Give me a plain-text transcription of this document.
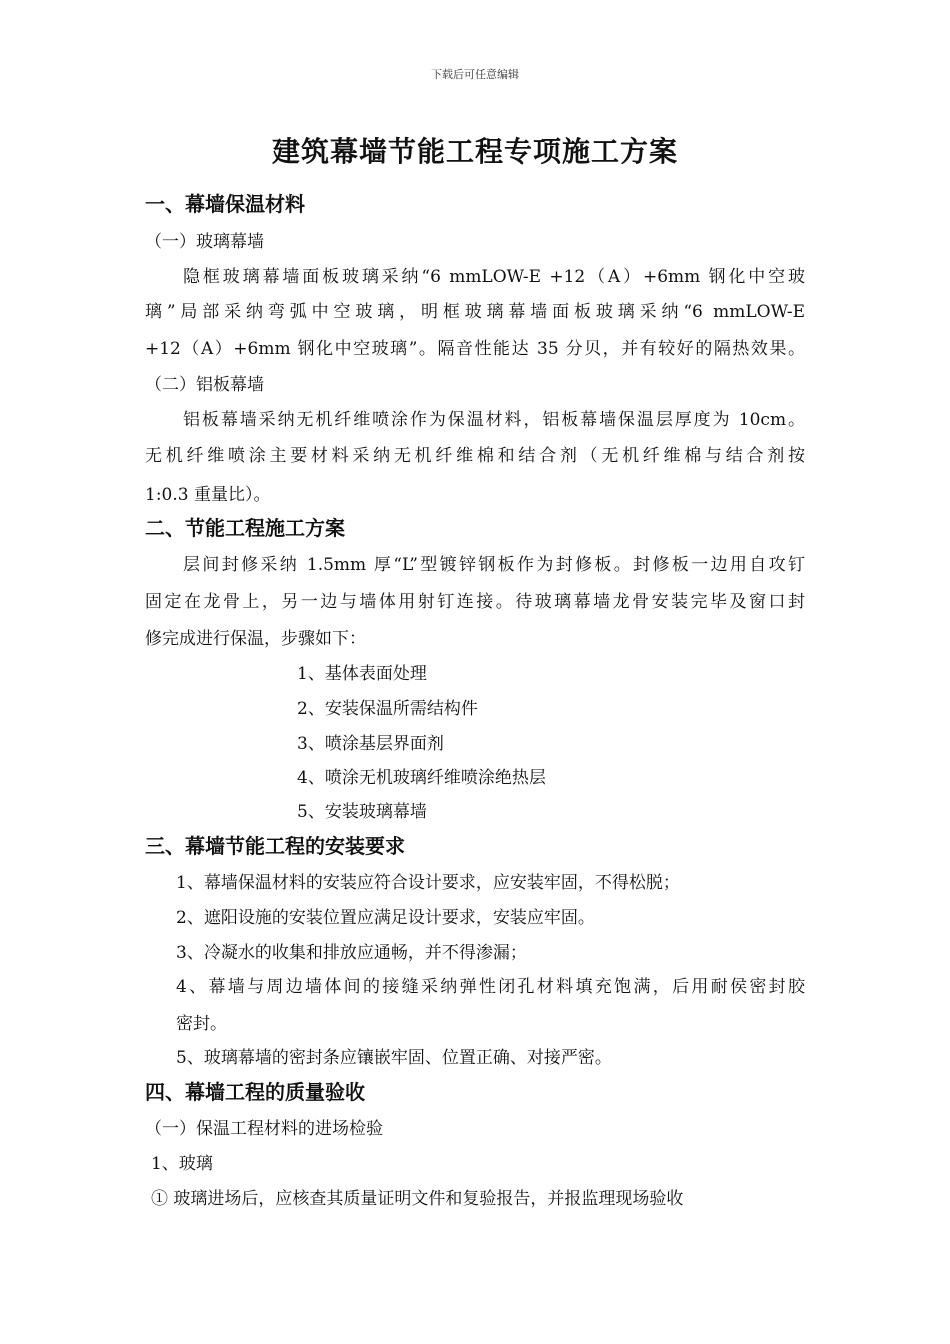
下载后可任意编辑
建筑幕墙节能工程专项施工方案
一、幕墙保温材料
（一）玻璃幕墙
隐框玻璃幕墙面板玻璃采纳“6 mmLOW-E +12（A）+6mm 钢化中空玻
璃”局部采纳弯弧中空玻璃，明框玻璃幕墙面板玻璃采纳“6 mmLOW-E
+12（A）+6mm 钢化中空玻璃”。隔音性能达 35 分贝，并有较好的隔热效果。
（二）铝板幕墙
铝板幕墙采纳无机纤维喷涂作为保温材料，铝板幕墙保温层厚度为 10cm。
无机纤维喷涂主要材料采纳无机纤维棉和结合剂（无机纤维棉与结合剂按
1:0.3 重量比）。
二、节能工程施工方案
层间封修采纳 1.5mm 厚“L”型镀锌钢板作为封修板。封修板一边用自攻钉
固定在龙骨上，另一边与墙体用射钉连接。待玻璃幕墙龙骨安装完毕及窗口封
修完成进行保温，步骤如下：
1、基体表面处理
2、安装保温所需结构件
3、喷涂基层界面剂
4、喷涂无机玻璃纤维喷涂绝热层
5、安装玻璃幕墙
三、幕墙节能工程的安装要求
1、幕墙保温材料的安装应符合设计要求，应安装牢固，不得松脱；
2、遮阳设施的安装位置应满足设计要求，安装应牢固。
3、冷凝水的收集和排放应通畅，并不得渗漏；
4、幕墙与周边墙体间的接缝采纳弹性闭孔材料填充饱满，后用耐侯密封胶
密封。
5、玻璃幕墙的密封条应镶嵌牢固、位置正确、对接严密。
四、幕墙工程的质量验收
（一）保温工程材料的进场检验
1、玻璃
① 玻璃进场后，应核查其质量证明文件和复验报告，并报监理现场验收
